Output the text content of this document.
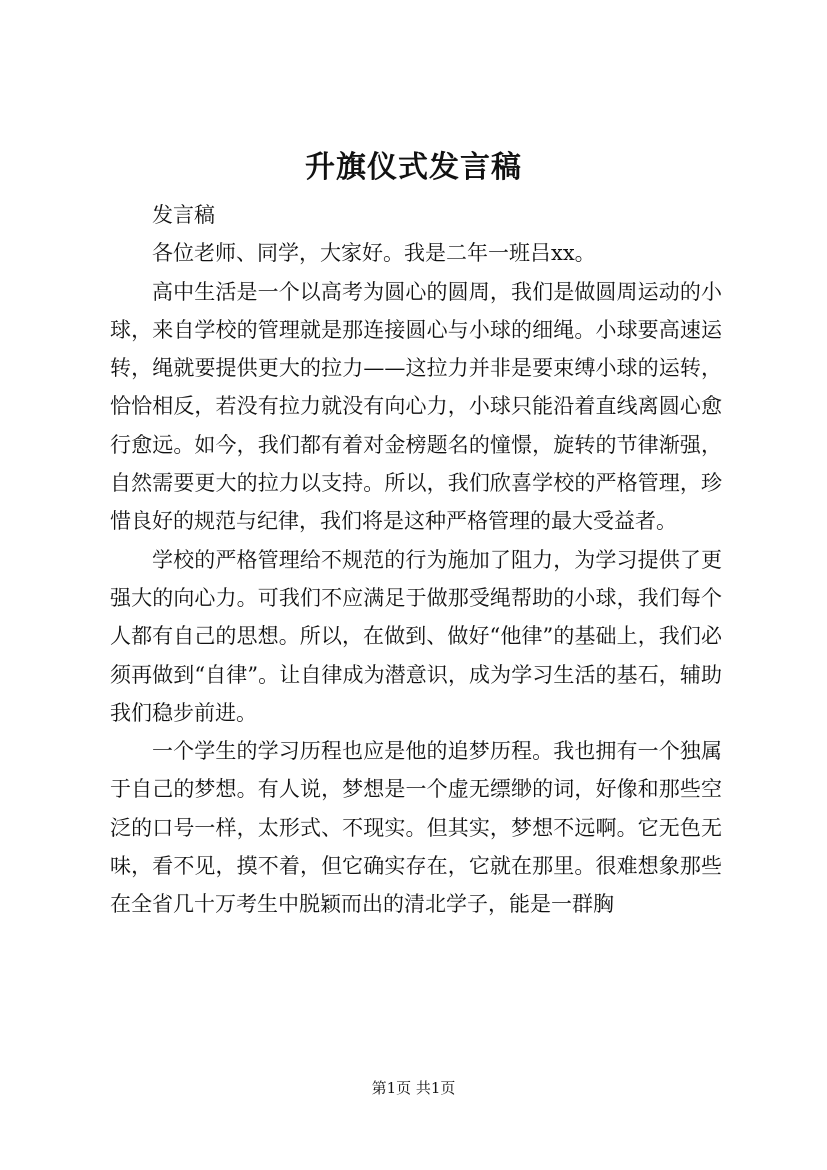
升旗仪式发言稿

发言稿

各位老师、同学，大家好。我是二年一班吕xx。

高中生活是一个以高考为圆心的圆周，我们是做圆周运动的小球，来自学校的管理就是那连接圆心与小球的细绳。小球要高速运转，绳就要提供更大的拉力——这拉力并非是要束缚小球的运转，恰恰相反，若没有拉力就没有向心力，小球只能沿着直线离圆心愈行愈远。如今，我们都有着对金榜题名的憧憬，旋转的节律渐强，自然需要更大的拉力以支持。所以，我们欣喜学校的严格管理，珍惜良好的规范与纪律，我们将是这种严格管理的最大受益者。

学校的严格管理给不规范的行为施加了阻力，为学习提供了更强大的向心力。可我们不应满足于做那受绳帮助的小球，我们每个人都有自己的思想。所以，在做到、做好“他律”的基础上，我们必须再做到“自律”。让自律成为潜意识，成为学习生活的基石，辅助我们稳步前进。

一个学生的学习历程也应是他的追梦历程。我也拥有一个独属于自己的梦想。有人说，梦想是一个虚无缥缈的词，好像和那些空泛的口号一样，太形式、不现实。但其实，梦想不远啊。它无色无味，看不见，摸不着，但它确实存在，它就在那里。很难想象那些在全省几十万考生中脱颖而出的清北学子，能是一群胸

第1页 共1页
